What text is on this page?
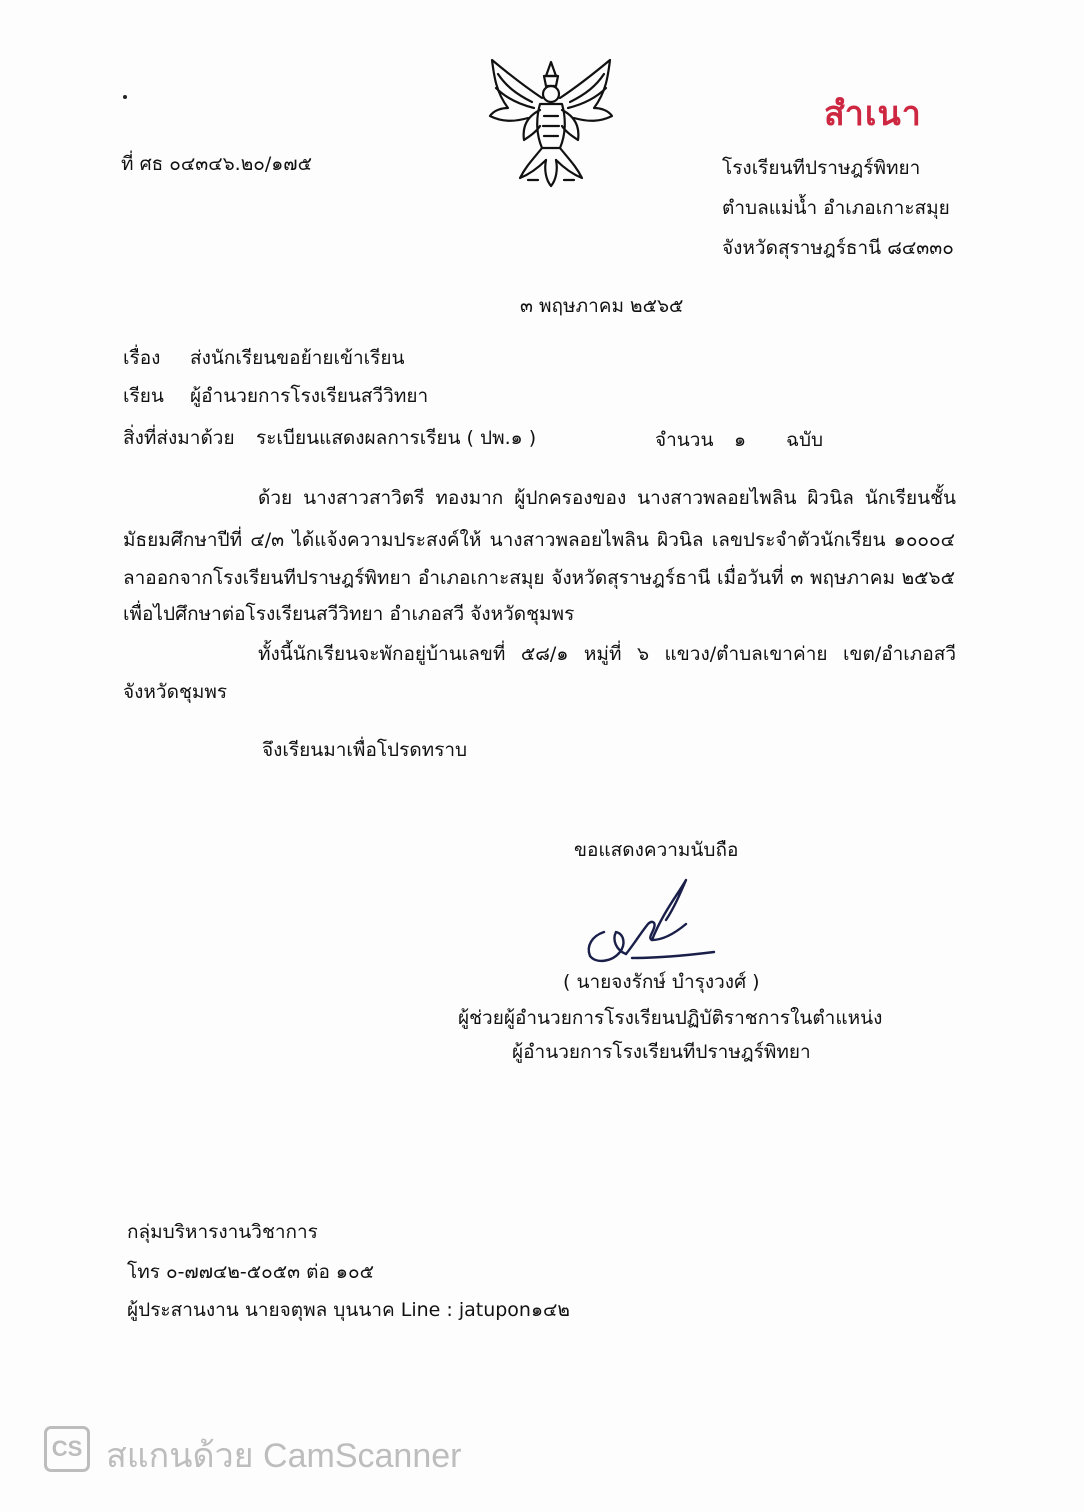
สำเนา
ที่ ศธ ๐๔๓๔๖.๒๐/๑๗๕	โรงเรียนทีปราษฎร์พิทยา
ตำบลแม่น้ำ อำเภอเกาะสมุย
จังหวัดสุราษฎร์ธานี ๘๔๓๓๐
๓ พฤษภาคม ๒๕๖๕
เรื่อง ส่งนักเรียนขอย้ายเข้าเรียน
เรียน ผู้อำนวยการโรงเรียนสวีวิทยา
สิ่งที่ส่งมาด้วย ระเบียนแสดงผลการเรียน ( ปพ.๑ )	จำนวน ๑ ฉบับ
ด้วย นางสาวสาวิตรี ทองมาก ผู้ปกครองของ นางสาวพลอยไพลิน ผิวนิล นักเรียนชั้น
มัธยมศึกษาปีที่ ๔/๓ ได้แจ้งความประสงค์ให้ นางสาวพลอยไพลิน ผิวนิล เลขประจำตัวนักเรียน ๑๐๐๐๔
ลาออกจากโรงเรียนทีปราษฎร์พิทยา อำเภอเกาะสมุย จังหวัดสุราษฎร์ธานี เมื่อวันที่ ๓ พฤษภาคม ๒๕๖๕
เพื่อไปศึกษาต่อโรงเรียนสวีวิทยา อำเภอสวี จังหวัดชุมพร
ทั้งนี้นักเรียนจะพักอยู่บ้านเลขที่ ๕๘/๑ หมู่ที่ ๖ แขวง/ตำบลเขาค่าย เขต/อำเภอสวี
จังหวัดชุมพร
จึงเรียนมาเพื่อโปรดทราบ
ขอแสดงความนับถือ
( นายจงรักษ์ บำรุงวงศ์ )
ผู้ช่วยผู้อำนวยการโรงเรียนปฏิบัติราชการในตำแหน่ง
ผู้อำนวยการโรงเรียนทีปราษฎร์พิทยา
กลุ่มบริหารงานวิชาการ
โทร ๐-๗๗๔๒-๕๐๕๓ ต่อ ๑๐๕
ผู้ประสานงาน นายจตุพล บุนนาค Line : jatupon๑๔๒
CS สแกนด้วย CamScanner
